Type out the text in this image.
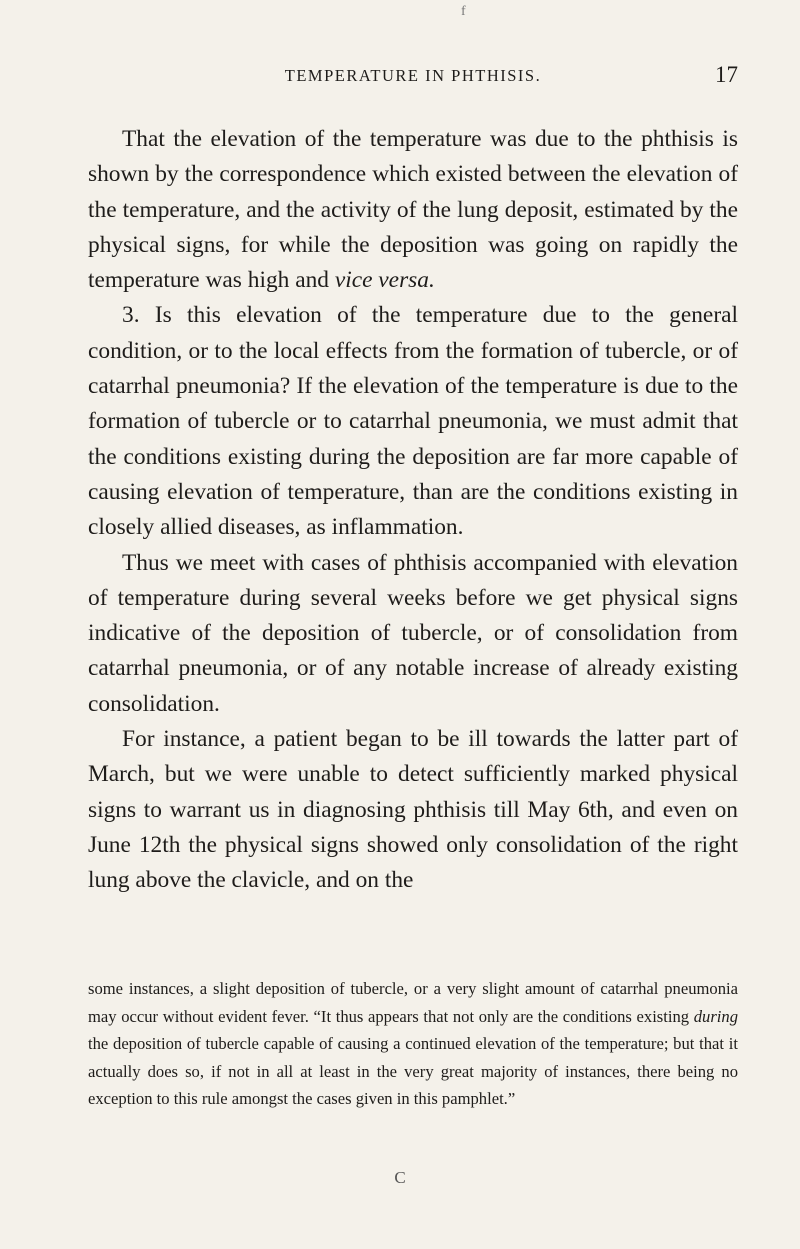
f
TEMPERATURE IN PHTHISIS.	17

That the elevation of the temperature was due to the phthisis is shown by the correspondence which existed between the elevation of the temperature, and the activity of the lung deposit, estimated by the physical signs, for while the deposition was going on rapidly the temperature was high and vice versa.

3. Is this elevation of the temperature due to the general condition, or to the local effects from the formation of tubercle, or of catarrhal pneumonia? If the elevation of the temperature is due to the formation of tubercle or to catarrhal pneumonia, we must admit that the conditions existing during the deposition are far more capable of causing elevation of temperature, than are the conditions existing in closely allied diseases, as inflammation.

Thus we meet with cases of phthisis accompanied with elevation of temperature during several weeks before we get physical signs indicative of the deposition of tubercle, or of consolidation from catarrhal pneumonia, or of any notable increase of already existing consolidation.

For instance, a patient began to be ill towards the latter part of March, but we were unable to detect sufficiently marked physical signs to warrant us in diagnosing phthisis till May 6th, and even on June 12th the physical signs showed only consolidation of the right lung above the clavicle, and on the

some instances, a slight deposition of tubercle, or a very slight amount of catarrhal pneumonia may occur without evident fever. “It thus appears that not only are the conditions existing during the deposition of tubercle capable of causing a continued elevation of the temperature; but that it actually does so, if not in all at least in the very great majority of instances, there being no exception to this rule amongst the cases given in this pamphlet.”

C
